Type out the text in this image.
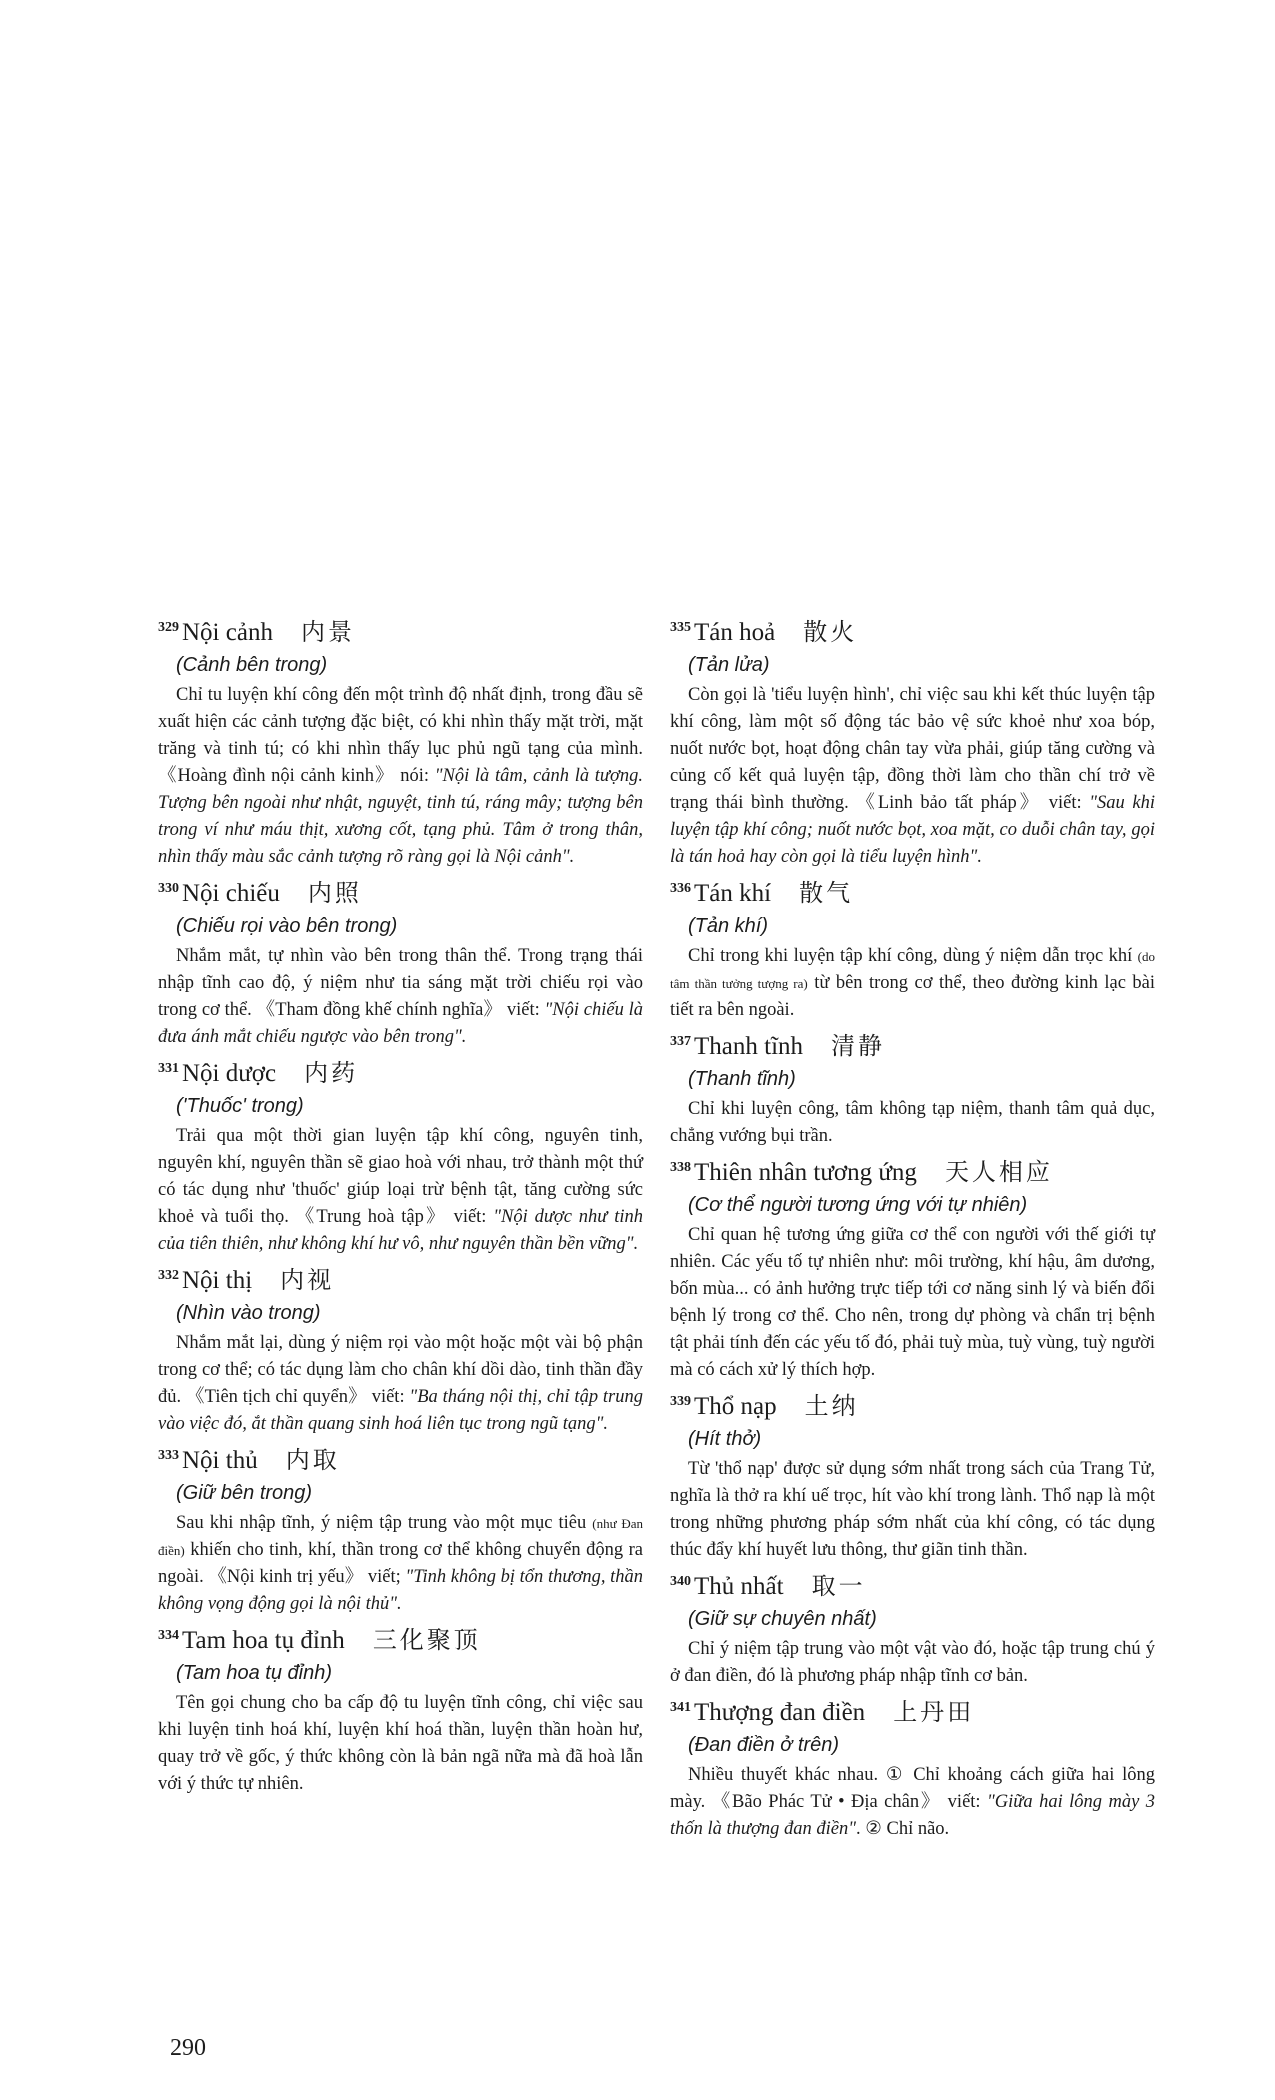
329 Nội cảnh 内景
(Cảnh bên trong)
Chỉ tu luyện khí công đến một trình độ nhất định, trong đầu sẽ xuất hiện các cảnh tượng đặc biệt, có khi nhìn thấy mặt trời, mặt trăng và tinh tú; có khi nhìn thấy lục phủ ngũ tạng của mình. 《Hoàng đình nội cảnh kinh》 nói: "Nội là tâm, cảnh là tượng. Tượng bên ngoài như nhật, nguyệt, tinh tú, ráng mây; tượng bên trong ví như máu thịt, xương cốt, tạng phủ. Tâm ở trong thân, nhìn thấy màu sắc cảnh tượng rõ ràng gọi là Nội cảnh".
330 Nội chiếu 内照
(Chiếu rọi vào bên trong)
Nhắm mắt, tự nhìn vào bên trong thân thể. Trong trạng thái nhập tĩnh cao độ, ý niệm như tia sáng mặt trời chiếu rọi vào trong cơ thể. 《Tham đồng khế chính nghĩa》 viết: "Nội chiếu là đưa ánh mắt chiếu ngược vào bên trong".
331 Nội dược 内药
('Thuốc' trong)
Trải qua một thời gian luyện tập khí công, nguyên tinh, nguyên khí, nguyên thần sẽ giao hoà với nhau, trở thành một thứ có tác dụng như 'thuốc' giúp loại trừ bệnh tật, tăng cường sức khoẻ và tuổi thọ. 《Trung hoà tập》 viết: "Nội dược như tinh của tiên thiên, như không khí hư vô, như nguyên thần bền vững".
332 Nội thị 内视
(Nhìn vào trong)
Nhắm mắt lại, dùng ý niệm rọi vào một hoặc một vài bộ phận trong cơ thể; có tác dụng làm cho chân khí dồi dào, tinh thần đầy đủ. 《Tiên tịch chỉ quyển》 viết: "Ba tháng nội thị, chỉ tập trung vào việc đó, ắt thần quang sinh hoá liên tục trong ngũ tạng".
333 Nội thủ 内取
(Giữ bên trong)
Sau khi nhập tĩnh, ý niệm tập trung vào một mục tiêu (như Đan điền) khiến cho tinh, khí, thần trong cơ thể không chuyển động ra ngoài. 《Nội kinh trị yếu》 viết; "Tinh không bị tổn thương, thần không vọng động gọi là nội thủ".
334 Tam hoa tụ đỉnh 三化聚顶
(Tam hoa tụ đỉnh)
Tên gọi chung cho ba cấp độ tu luyện tĩnh công, chỉ việc sau khi luyện tinh hoá khí, luyện khí hoá thần, luyện thần hoàn hư, quay trở về gốc, ý thức không còn là bản ngã nữa mà đã hoà lẫn với ý thức tự nhiên.
335 Tán hoả 散火
(Tản lửa)
Còn gọi là 'tiểu luyện hình', chỉ việc sau khi kết thúc luyện tập khí công, làm một số động tác bảo vệ sức khoẻ như xoa bóp, nuốt nước bọt, hoạt động chân tay vừa phải, giúp tăng cường và củng cố kết quả luyện tập, đồng thời làm cho thần chí trở về trạng thái bình thường. 《Linh bảo tất pháp》 viết: "Sau khi luyện tập khí công; nuốt nước bọt, xoa mặt, co duỗi chân tay, gọi là tán hoả hay còn gọi là tiểu luyện hình".
336 Tán khí 散气
(Tản khí)
Chỉ trong khi luyện tập khí công, dùng ý niệm dẫn trọc khí (do tâm thần tưởng tượng ra) từ bên trong cơ thể, theo đường kinh lạc bài tiết ra bên ngoài.
337 Thanh tĩnh 清静
(Thanh tĩnh)
Chỉ khi luyện công, tâm không tạp niệm, thanh tâm quả dục, chẳng vướng bụi trần.
338 Thiên nhân tương ứng 天人相应
(Cơ thể người tương ứng với tự nhiên)
Chỉ quan hệ tương ứng giữa cơ thể con người với thế giới tự nhiên. Các yếu tố tự nhiên như: môi trường, khí hậu, âm dương, bốn mùa... có ảnh hưởng trực tiếp tới cơ năng sinh lý và biến đổi bệnh lý trong cơ thể. Cho nên, trong dự phòng và chẩn trị bệnh tật phải tính đến các yếu tố đó, phải tuỳ mùa, tuỳ vùng, tuỳ người mà có cách xử lý thích hợp.
339 Thổ nạp 土纳
(Hít thở)
Từ 'thổ nạp' được sử dụng sớm nhất trong sách của Trang Tử, nghĩa là thở ra khí uế trọc, hít vào khí trong lành. Thổ nạp là một trong những phương pháp sớm nhất của khí công, có tác dụng thúc đẩy khí huyết lưu thông, thư giãn tinh thần.
340 Thủ nhất 取一
(Giữ sự chuyên nhất)
Chỉ ý niệm tập trung vào một vật vào đó, hoặc tập trung chú ý ở đan điền, đó là phương pháp nhập tĩnh cơ bản.
341 Thượng đan điền 上丹田
(Đan điền ở trên)
Nhiều thuyết khác nhau. ① Chỉ khoảng cách giữa hai lông mày. 《Bão Phác Tử • Địa chân》 viết: "Giữa hai lông mày 3 thốn là thượng đan điền". ② Chỉ não.
290
